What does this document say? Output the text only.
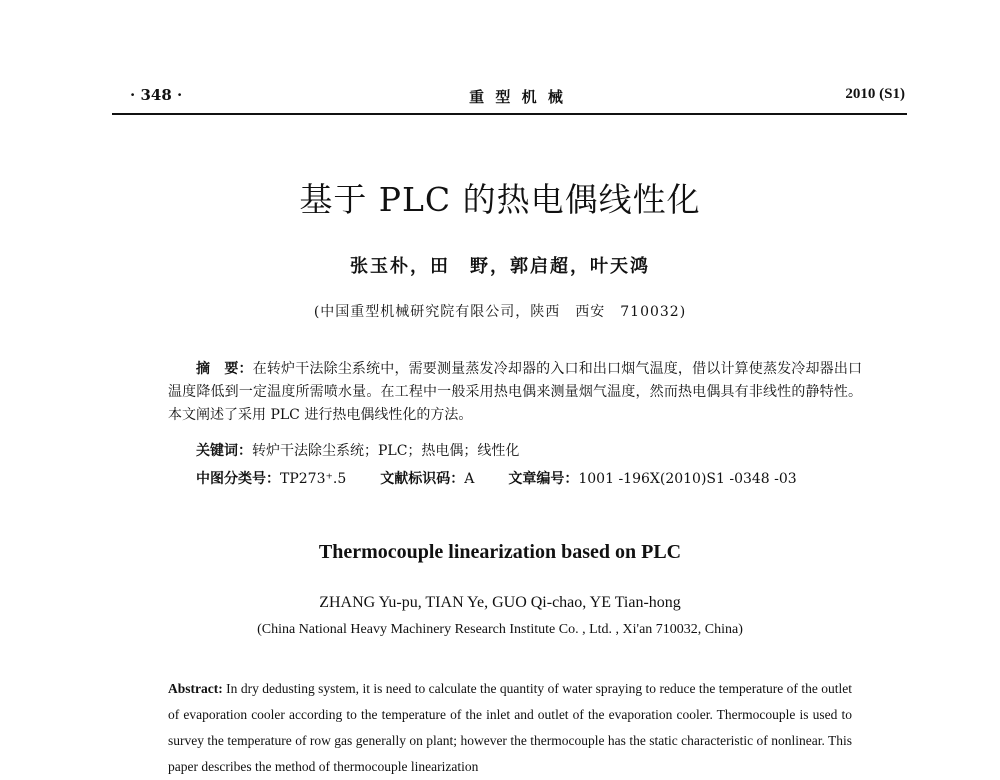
· 348 ·	重 型 机 械	2010 (S1)
基于 PLC 的热电偶线性化
张玉朴，田　野，郭启超，叶天鸿
(中国重型机械研究院有限公司，陕西　西安　710032)
摘　要：在转炉干法除尘系统中，需要测量蒸发冷却器的入口和出口烟气温度，借以计算使蒸发冷却器出口温度降低到一定温度所需喷水量。在工程中一般采用热电偶来测量烟气温度，然而热电偶具有非线性的静特性。本文阐述了采用 PLC 进行热电偶线性化的方法。
关键词：转炉干法除尘系统；PLC；热电偶；线性化
中图分类号：TP273⁺.5 文献标识码：A 文章编号：1001 -196X(2010)S1 -0348 -03
Thermocouple linearization based on PLC
ZHANG Yu-pu, TIAN Ye, GUO Qi-chao, YE Tian-hong
(China National Heavy Machinery Research Institute Co. , Ltd. , Xi'an 710032, China)
Abstract: In dry dedusting system, it is need to calculate the quantity of water spraying to reduce the temperature of the outlet of evaporation cooler according to the temperature of the inlet and outlet of the evaporation cooler. Thermocouple is used to survey the temperature of row gas generally on plant; however the thermocouple has the static characteristic of nonlinear. This paper describes the method of thermocouple linearization
